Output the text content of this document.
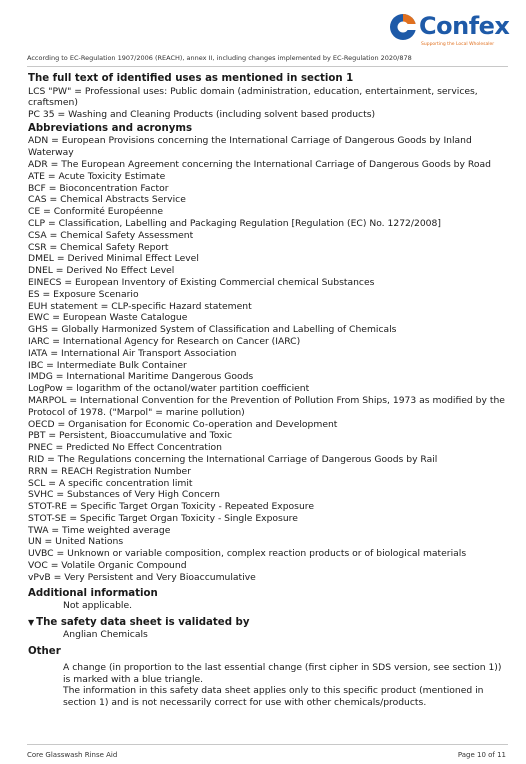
Confex
Supporting the Local Wholesaler
According to EC-Regulation 1907/2006 (REACH), annex II, including changes implemented by EC-Regulation 2020/878
The full text of identified uses as mentioned in section 1
LCS "PW" = Professional uses: Public domain (administration, education, entertainment, services, craftsmen)
PC 35 = Washing and Cleaning Products (including solvent based products)
Abbreviations and acronyms
ADN = European Provisions concerning the International Carriage of Dangerous Goods by Inland Waterway
ADR = The European Agreement concerning the International Carriage of Dangerous Goods by Road
ATE = Acute Toxicity Estimate
BCF = Bioconcentration Factor
CAS = Chemical Abstracts Service
CE = Conformité Européenne
CLP = Classification, Labelling and Packaging Regulation [Regulation (EC) No. 1272/2008]
CSA = Chemical Safety Assessment
CSR = Chemical Safety Report
DMEL = Derived Minimal Effect Level
DNEL = Derived No Effect Level
EINECS = European Inventory of Existing Commercial chemical Substances
ES = Exposure Scenario
EUH statement = CLP-specific Hazard statement
EWC = European Waste Catalogue
GHS = Globally Harmonized System of Classification and Labelling of Chemicals
IARC = International Agency for Research on Cancer (IARC)
IATA = International Air Transport Association
IBC = Intermediate Bulk Container
IMDG = International Maritime Dangerous Goods
LogPow = logarithm of the octanol/water partition coefficient
MARPOL = International Convention for the Prevention of Pollution From Ships, 1973 as modified by the Protocol of 1978. ("Marpol" = marine pollution)
OECD = Organisation for Economic Co-operation and Development
PBT = Persistent, Bioaccumulative and Toxic
PNEC = Predicted No Effect Concentration
RID = The Regulations concerning the International Carriage of Dangerous Goods by Rail
RRN = REACH Registration Number
SCL = A specific concentration limit
SVHC = Substances of Very High Concern
STOT-RE = Specific Target Organ Toxicity - Repeated Exposure
STOT-SE = Specific Target Organ Toxicity - Single Exposure
TWA = Time weighted average
UN = United Nations
UVBC = Unknown or variable composition, complex reaction products or of biological materials
VOC = Volatile Organic Compound
vPvB = Very Persistent and Very Bioaccumulative
Additional information
Not applicable.
▼ The safety data sheet is validated by
Anglian Chemicals
Other
A change (in proportion to the last essential change (first cipher in SDS version, see section 1)) is marked with a blue triangle.
The information in this safety data sheet applies only to this specific product (mentioned in section 1) and is not necessarily correct for use with other chemicals/products.
Core Glasswash Rinse Aid	Page 10 of 11
